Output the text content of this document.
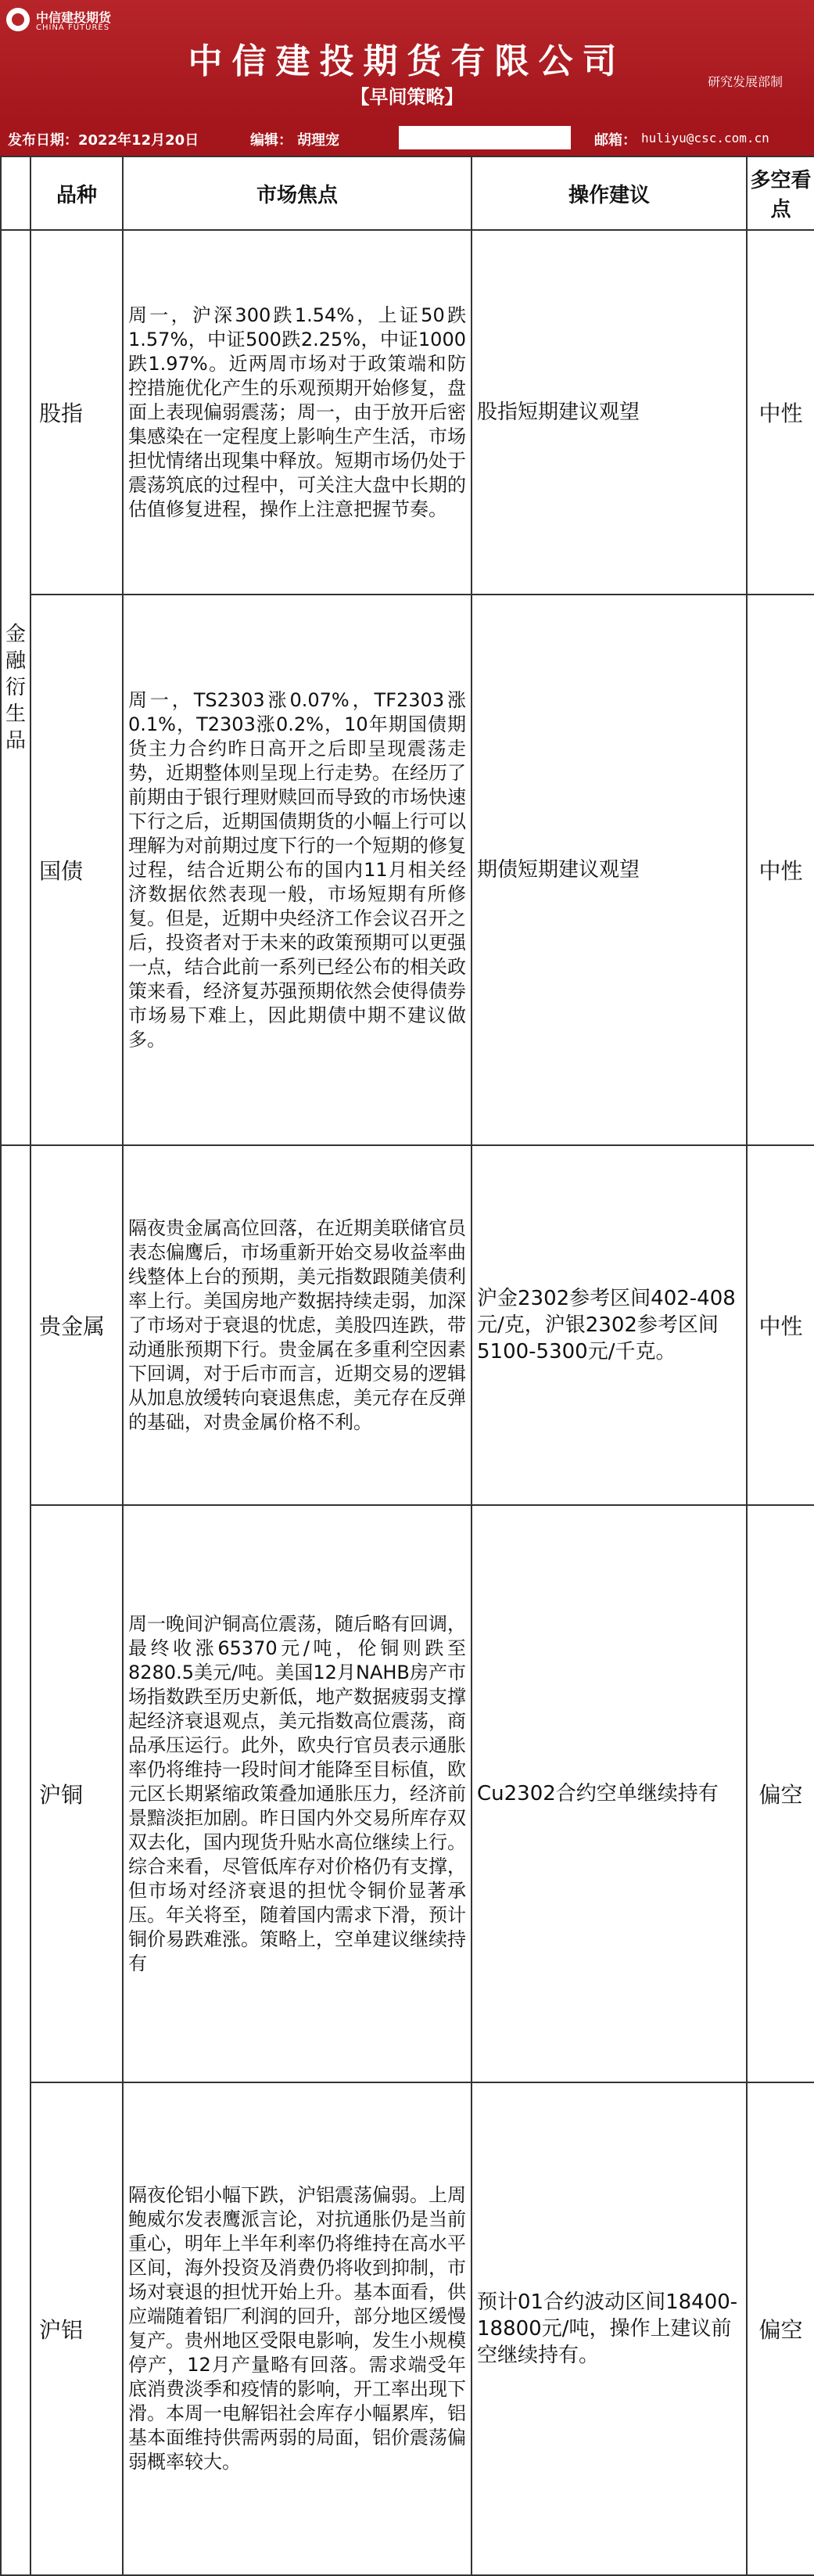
中信建投期货
CHINA FUTURES
中信建投期货有限公司
【早间策略】
研究发展部制
发布日期：2022年12月20日	编辑： 胡理宠	邮箱： huliyu@csc.com.cn
	品种	市场焦点	操作建议	多空看点
金融衍生品	股指	周一，沪深300跌1.54%，上证50跌1.57%，中证500跌2.25%，中证1000跌1.97%。近两周市场对于政策端和防控措施优化产生的乐观预期开始修复，盘面上表现偏弱震荡；周一，由于放开后密集感染在一定程度上影响生产生活，市场担忧情绪出现集中释放。短期市场仍处于震荡筑底的过程中，可关注大盘中长期的估值修复进程，操作上注意把握节奏。	股指短期建议观望	中性
	国债	周一，TS2303涨0.07%，TF2303涨0.1%，T2303涨0.2%，10年期国债期货主力合约昨日高开之后即呈现震荡走势，近期整体则呈现上行走势。在经历了前期由于银行理财赎回而导致的市场快速下行之后，近期国债期货的小幅上行可以理解为对前期过度下行的一个短期的修复过程，结合近期公布的国内11月相关经济数据依然表现一般，市场短期有所修复。但是，近期中央经济工作会议召开之后，投资者对于未来的政策预期可以更强一点，结合此前一系列已经公布的相关政策来看，经济复苏强预期依然会使得债券市场易下难上，因此期债中期不建议做多。	期债短期建议观望	中性
	贵金属	隔夜贵金属高位回落，在近期美联储官员表态偏鹰后，市场重新开始交易收益率曲线整体上台的预期，美元指数跟随美债利率上行。美国房地产数据持续走弱，加深了市场对于衰退的忧虑，美股四连跌，带动通胀预期下行。贵金属在多重利空因素下回调，对于后市而言，近期交易的逻辑从加息放缓转向衰退焦虑，美元存在反弹的基础，对贵金属价格不利。	沪金2302参考区间402-408元/克，沪银2302参考区间5100-5300元/千克。	中性
	沪铜	周一晚间沪铜高位震荡，随后略有回调，最终收涨65370元/吨，伦铜则跌至8280.5美元/吨。美国12月NAHB房产市场指数跌至历史新低，地产数据疲弱支撑起经济衰退观点，美元指数高位震荡，商品承压运行。此外，欧央行官员表示通胀率仍将维持一段时间才能降至目标值，欧元区长期紧缩政策叠加通胀压力，经济前景黯淡拒加剧。昨日国内外交易所库存双双去化，国内现货升贴水高位继续上行。综合来看，尽管低库存对价格仍有支撑，但市场对经济衰退的担忧令铜价显著承压。年关将至，随着国内需求下滑，预计铜价易跌难涨。策略上，空单建议继续持有	Cu2302合约空单继续持有	偏空
	沪铝	隔夜伦铝小幅下跌，沪铝震荡偏弱。上周鲍威尔发表鹰派言论，对抗通胀仍是当前重心，明年上半年利率仍将维持在高水平区间，海外投资及消费仍将收到抑制，市场对衰退的担忧开始上升。基本面看，供应端随着铝厂利润的回升，部分地区缓慢复产。贵州地区受限电影响，发生小规模停产，12月产量略有回落。需求端受年底消费淡季和疫情的影响，开工率出现下滑。本周一电解铝社会库存小幅累库，铝基本面维持供需两弱的局面，铝价震荡偏弱概率较大。	预计01合约波动区间18400-18800元/吨，操作上建议前空继续持有。	偏空
